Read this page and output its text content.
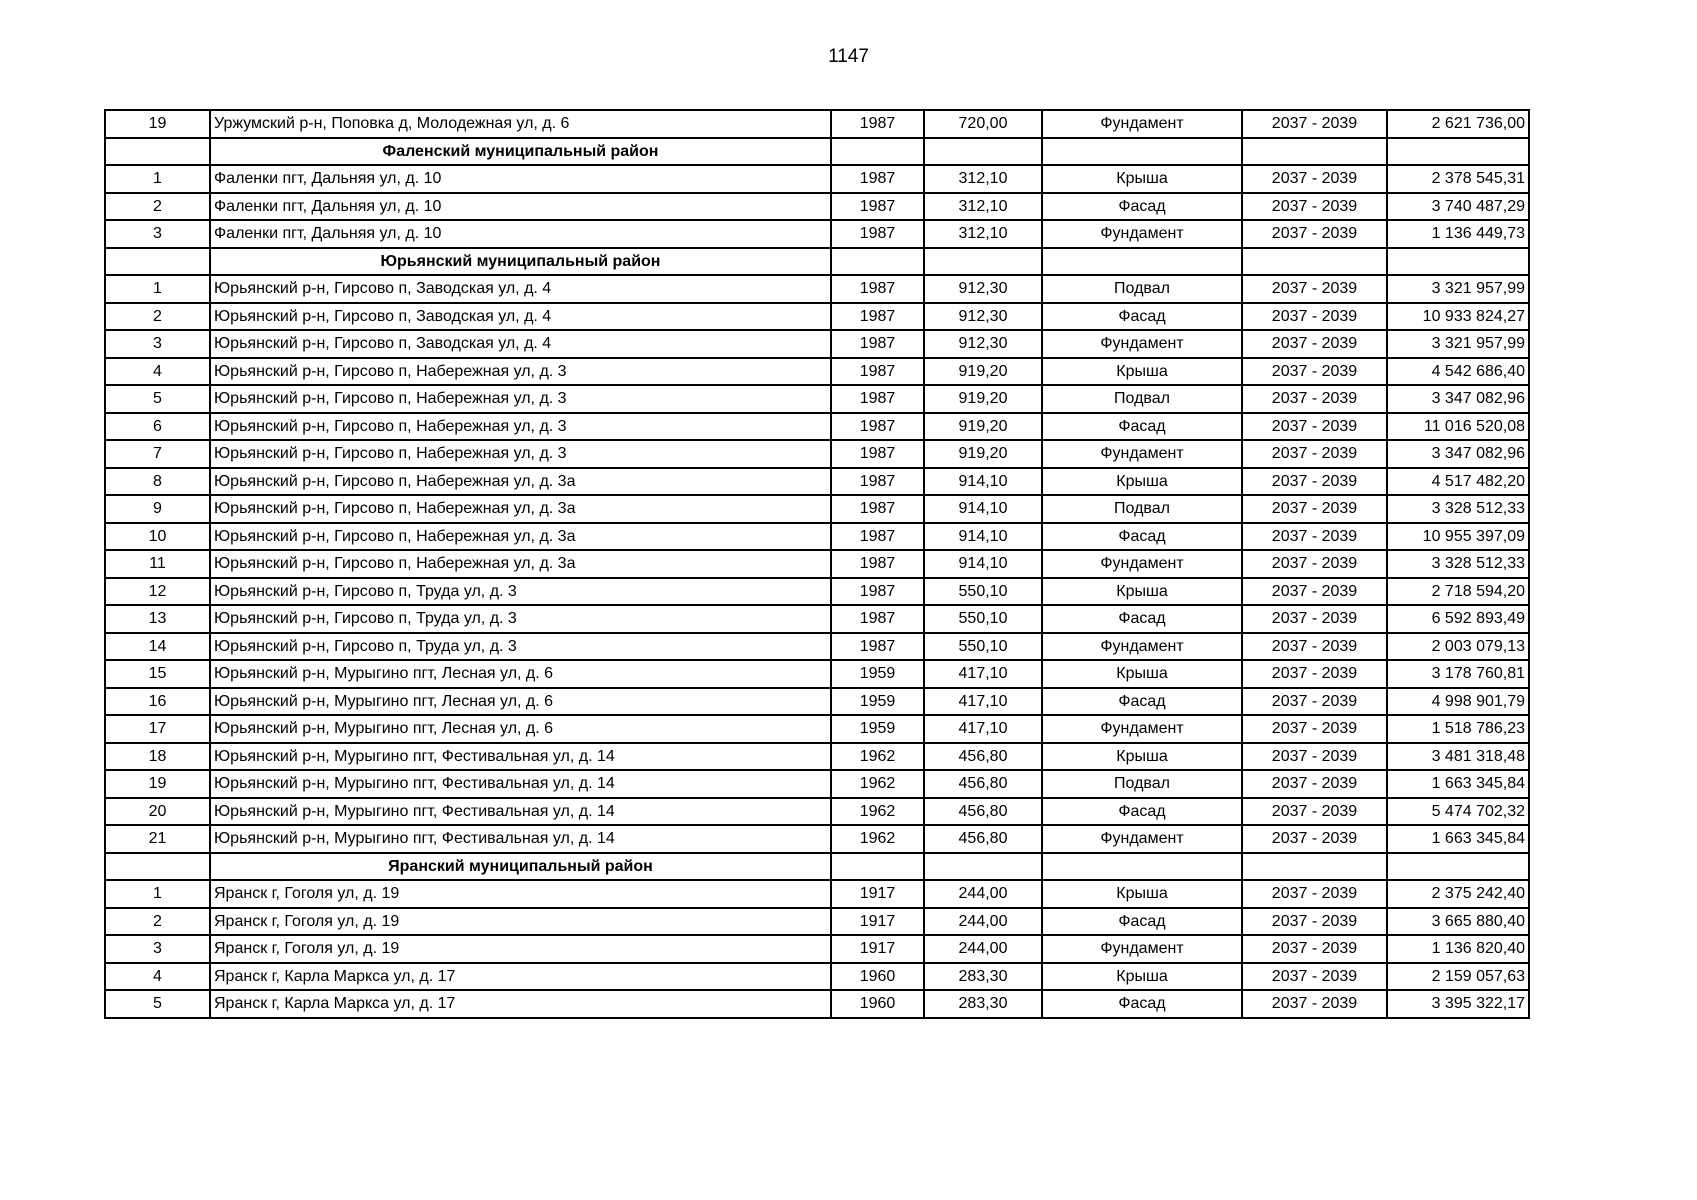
1147
19	Уржумский р-н, Поповка д, Молодежная ул, д. 6	1987	720,00	Фундамент	2037 - 2039	2 621 736,00
	Фаленский муниципальный район					
1	Фаленки пгт, Дальняя ул, д. 10	1987	312,10	Крыша	2037 - 2039	2 378 545,31
2	Фаленки пгт, Дальняя ул, д. 10	1987	312,10	Фасад	2037 - 2039	3 740 487,29
3	Фаленки пгт, Дальняя ул, д. 10	1987	312,10	Фундамент	2037 - 2039	1 136 449,73
	Юрьянский муниципальный район					
1	Юрьянский р-н, Гирсово п, Заводская ул, д. 4	1987	912,30	Подвал	2037 - 2039	3 321 957,99
2	Юрьянский р-н, Гирсово п, Заводская ул, д. 4	1987	912,30	Фасад	2037 - 2039	10 933 824,27
3	Юрьянский р-н, Гирсово п, Заводская ул, д. 4	1987	912,30	Фундамент	2037 - 2039	3 321 957,99
4	Юрьянский р-н, Гирсово п, Набережная ул, д. 3	1987	919,20	Крыша	2037 - 2039	4 542 686,40
5	Юрьянский р-н, Гирсово п, Набережная ул, д. 3	1987	919,20	Подвал	2037 - 2039	3 347 082,96
6	Юрьянский р-н, Гирсово п, Набережная ул, д. 3	1987	919,20	Фасад	2037 - 2039	11 016 520,08
7	Юрьянский р-н, Гирсово п, Набережная ул, д. 3	1987	919,20	Фундамент	2037 - 2039	3 347 082,96
8	Юрьянский р-н, Гирсово п, Набережная ул, д. 3а	1987	914,10	Крыша	2037 - 2039	4 517 482,20
9	Юрьянский р-н, Гирсово п, Набережная ул, д. 3а	1987	914,10	Подвал	2037 - 2039	3 328 512,33
10	Юрьянский р-н, Гирсово п, Набережная ул, д. 3а	1987	914,10	Фасад	2037 - 2039	10 955 397,09
11	Юрьянский р-н, Гирсово п, Набережная ул, д. 3а	1987	914,10	Фундамент	2037 - 2039	3 328 512,33
12	Юрьянский р-н, Гирсово п, Труда ул, д. 3	1987	550,10	Крыша	2037 - 2039	2 718 594,20
13	Юрьянский р-н, Гирсово п, Труда ул, д. 3	1987	550,10	Фасад	2037 - 2039	6 592 893,49
14	Юрьянский р-н, Гирсово п, Труда ул, д. 3	1987	550,10	Фундамент	2037 - 2039	2 003 079,13
15	Юрьянский р-н, Мурыгино пгт, Лесная ул, д. 6	1959	417,10	Крыша	2037 - 2039	3 178 760,81
16	Юрьянский р-н, Мурыгино пгт, Лесная ул, д. 6	1959	417,10	Фасад	2037 - 2039	4 998 901,79
17	Юрьянский р-н, Мурыгино пгт, Лесная ул, д. 6	1959	417,10	Фундамент	2037 - 2039	1 518 786,23
18	Юрьянский р-н, Мурыгино пгт, Фестивальная ул, д. 14	1962	456,80	Крыша	2037 - 2039	3 481 318,48
19	Юрьянский р-н, Мурыгино пгт, Фестивальная ул, д. 14	1962	456,80	Подвал	2037 - 2039	1 663 345,84
20	Юрьянский р-н, Мурыгино пгт, Фестивальная ул, д. 14	1962	456,80	Фасад	2037 - 2039	5 474 702,32
21	Юрьянский р-н, Мурыгино пгт, Фестивальная ул, д. 14	1962	456,80	Фундамент	2037 - 2039	1 663 345,84
	Яранский муниципальный район					
1	Яранск г, Гоголя ул, д. 19	1917	244,00	Крыша	2037 - 2039	2 375 242,40
2	Яранск г, Гоголя ул, д. 19	1917	244,00	Фасад	2037 - 2039	3 665 880,40
3	Яранск г, Гоголя ул, д. 19	1917	244,00	Фундамент	2037 - 2039	1 136 820,40
4	Яранск г, Карла Маркса ул, д. 17	1960	283,30	Крыша	2037 - 2039	2 159 057,63
5	Яранск г, Карла Маркса ул, д. 17	1960	283,30	Фасад	2037 - 2039	3 395 322,17
